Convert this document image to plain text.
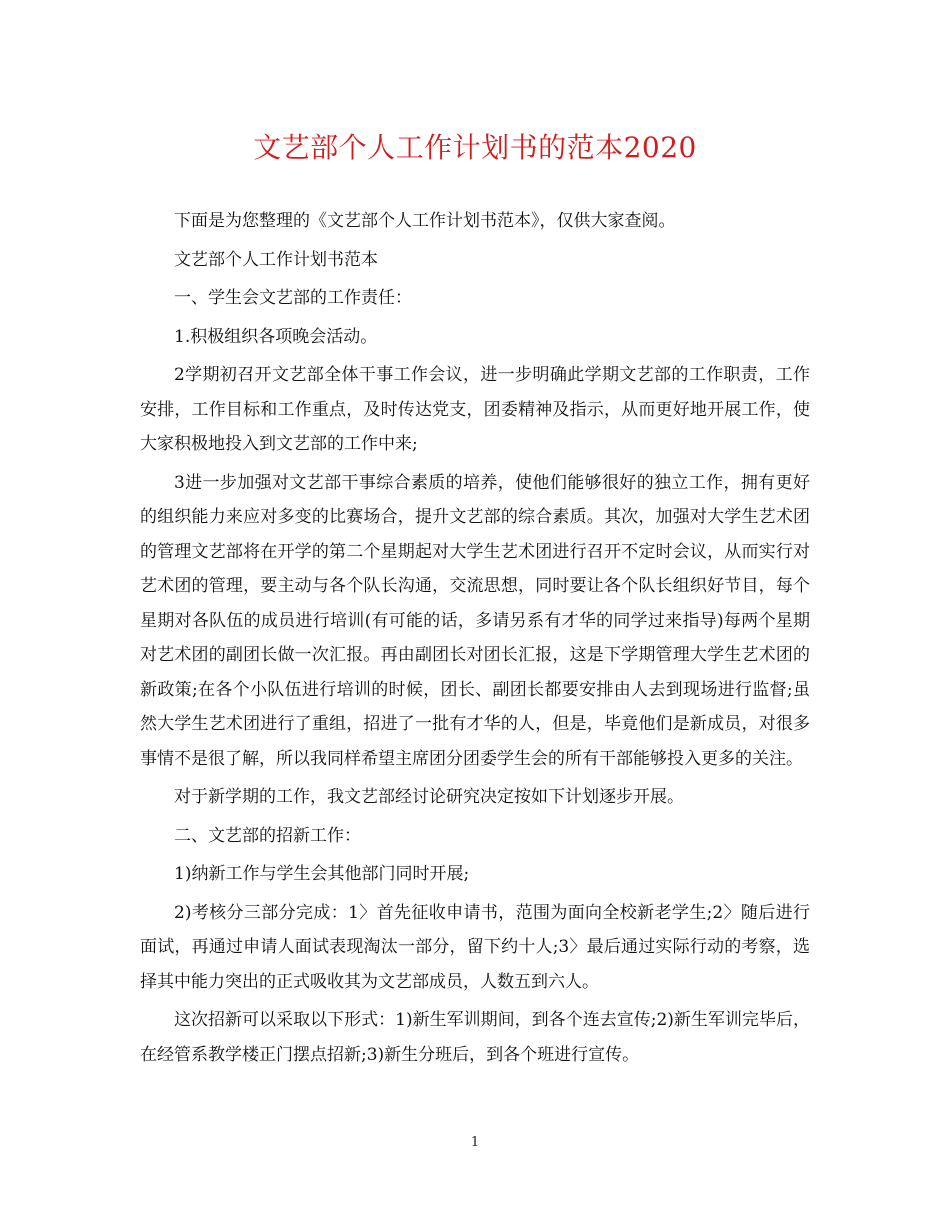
文艺部个人工作计划书的范本2020

下面是为您整理的《文艺部个人工作计划书范本》，仅供大家查阅。

文艺部个人工作计划书范本

一、学生会文艺部的工作责任：

1.积极组织各项晚会活动。

2学期初召开文艺部全体干事工作会议，进一步明确此学期文艺部的工作职责，工作安排，工作目标和工作重点，及时传达党支，团委精神及指示，从而更好地开展工作，使大家积极地投入到文艺部的工作中来;

3进一步加强对文艺部干事综合素质的培养，使他们能够很好的独立工作，拥有更好的组织能力来应对多变的比赛场合，提升文艺部的综合素质。其次，加强对大学生艺术团的管理文艺部将在开学的第二个星期起对大学生艺术团进行召开不定时会议，从而实行对艺术团的管理，要主动与各个队长沟通，交流思想，同时要让各个队长组织好节目，每个星期对各队伍的成员进行培训(有可能的话，多请另系有才华的同学过来指导)每两个星期对艺术团的副团长做一次汇报。再由副团长对团长汇报，这是下学期管理大学生艺术团的新政策;在各个小队伍进行培训的时候，团长、副团长都要安排由人去到现场进行监督;虽然大学生艺术团进行了重组，招进了一批有才华的人，但是，毕竟他们是新成员，对很多事情不是很了解，所以我同样希望主席团分团委学生会的所有干部能够投入更多的关注。

对于新学期的工作，我文艺部经讨论研究决定按如下计划逐步开展。

二、文艺部的招新工作：

1)纳新工作与学生会其他部门同时开展;

2)考核分三部分完成：1〉首先征收申请书，范围为面向全校新老学生;2〉随后进行面试，再通过申请人面试表现淘汰一部分，留下约十人;3〉最后通过实际行动的考察，选择其中能力突出的正式吸收其为文艺部成员，人数五到六人。

这次招新可以采取以下形式：1)新生军训期间，到各个连去宣传;2)新生军训完毕后，在经管系教学楼正门摆点招新;3)新生分班后，到各个班进行宣传。

1
